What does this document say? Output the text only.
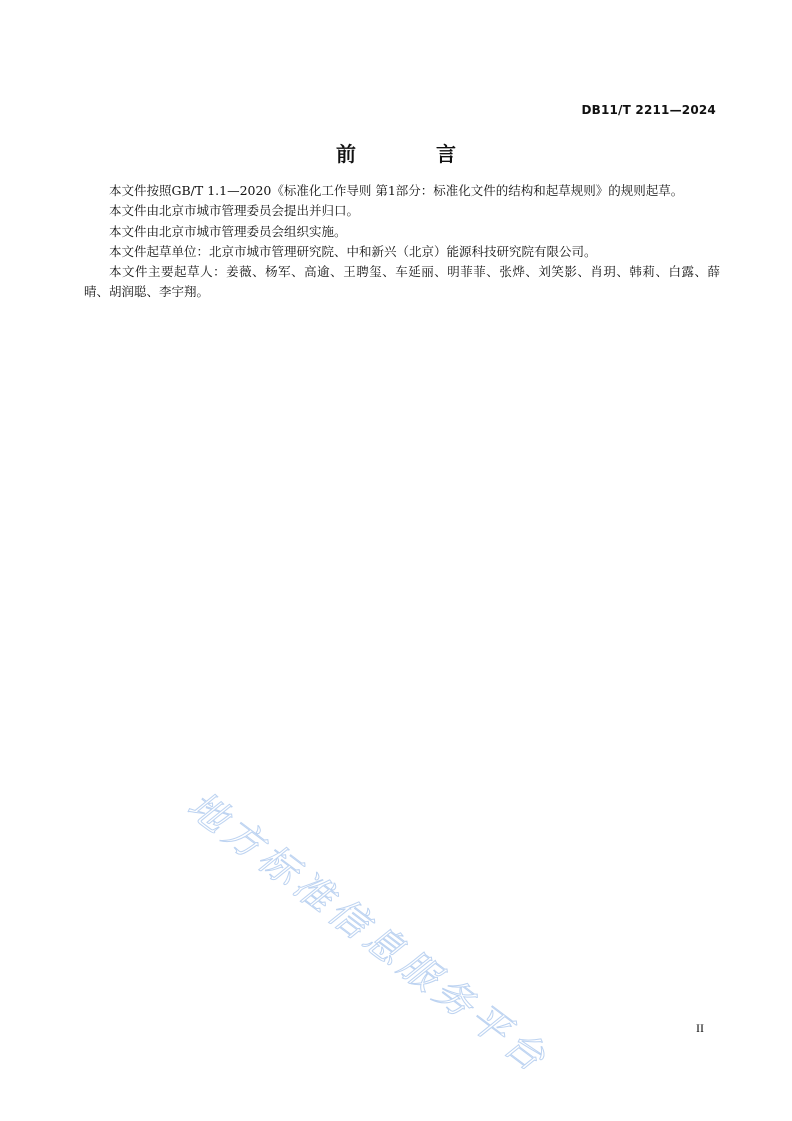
DB11/T 2211—2024
前　言

本文件按照GB/T 1.1—2020《标准化工作导则 第1部分：标准化文件的结构和起草规则》的规则起草。

本文件由北京市城市管理委员会提出并归口。

本文件由北京市城市管理委员会组织实施。

本文件起草单位：北京市城市管理研究院、中和新兴（北京）能源科技研究院有限公司。

本文件主要起草人：姜薇、杨军、高逾、王聘玺、车延丽、明菲菲、张烨、刘笑影、肖玥、韩莉、白露、薛晴、胡润聪、李宇翔。

地方标准信息服务平台	II
